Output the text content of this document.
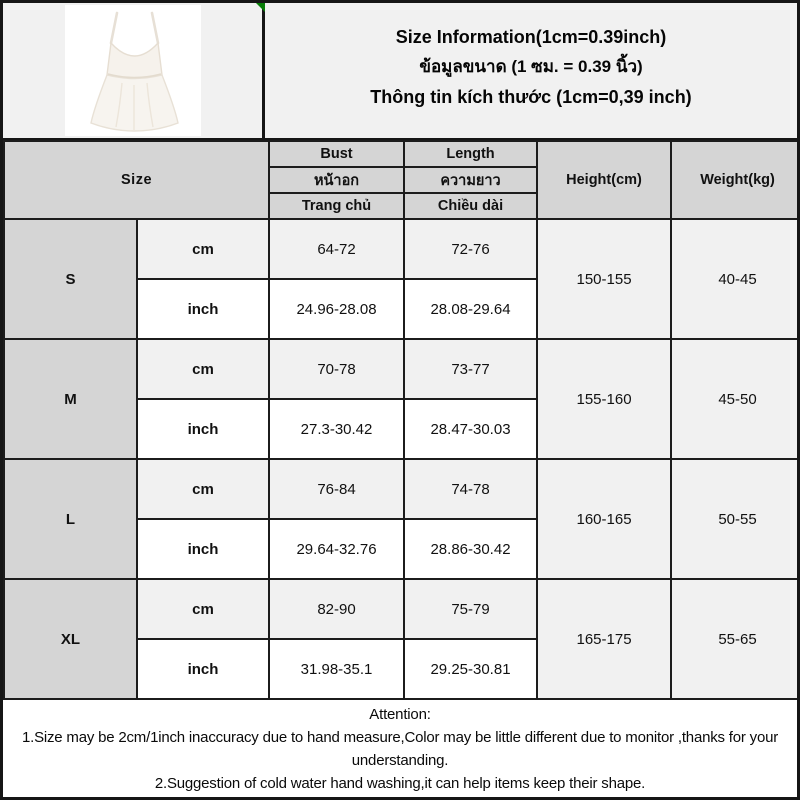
Size Information(1cm=0.39inch)
ข้อมูลขนาด (1 ซม. = 0.39 นิ้ว)
Thông tin kích thước (1cm=0,39 inch)
Size		Bust	Length	Height(cm)	Weight(kg)
		หน้าอก	ความยาว		
		Trang chủ	Chiều dài		
S	cm	64-72	72-76	150-155	40-45
	inch	24.96-28.08	28.08-29.64		
M	cm	70-78	73-77	155-160	45-50
	inch	27.3-30.42	28.47-30.03		
L	cm	76-84	74-78	160-165	50-55
	inch	29.64-32.76	28.86-30.42		
XL	cm	82-90	75-79	165-175	55-65
	inch	31.98-35.1	29.25-30.81		
Attention:
1.Size may be 2cm/1inch inaccuracy due to hand measure,Color may be little different due to monitor ,thanks for your understanding.
2.Suggestion of cold water hand washing,it can help items keep their shape.
